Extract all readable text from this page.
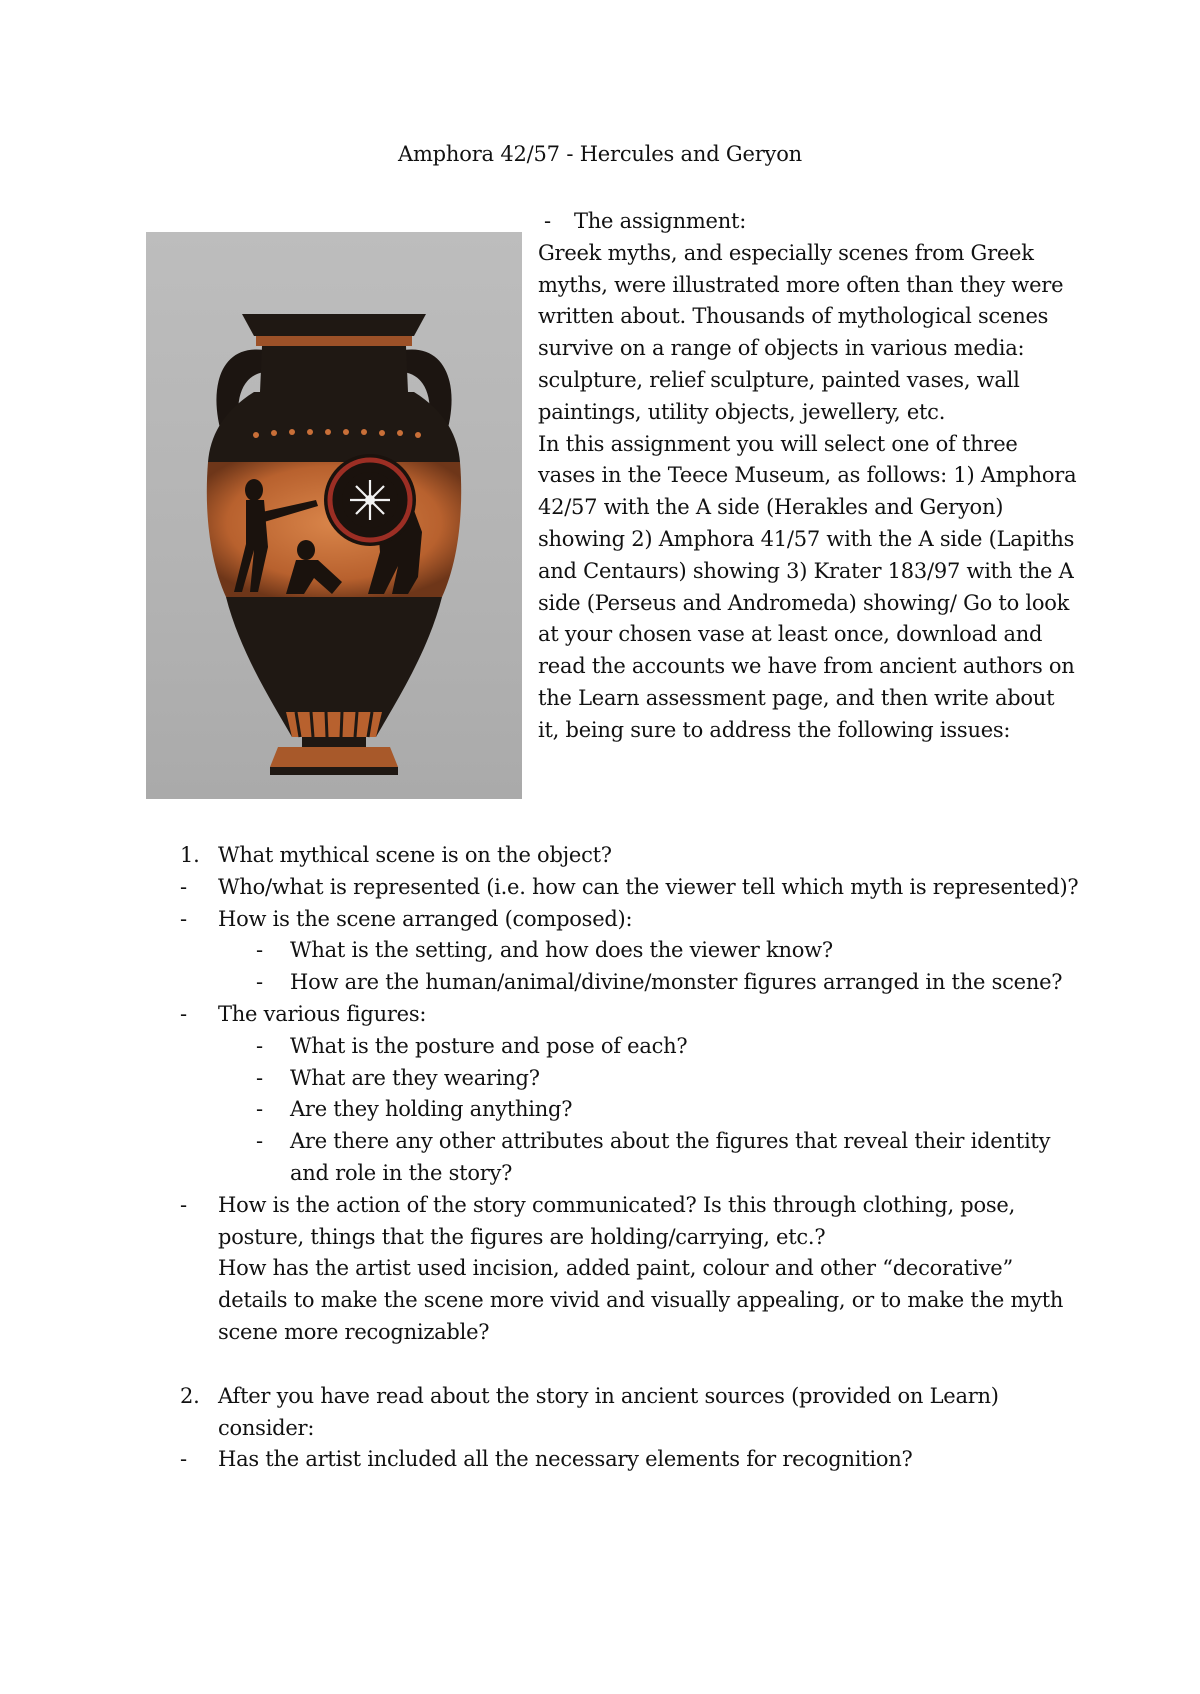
Amphora 42/57 - Hercules and Geryon
- The assignment:

Greek myths, and especially scenes from Greek myths, were illustrated more often than they were written about. Thousands of mythological scenes survive on a range of objects in various media: sculpture, relief sculpture, painted vases, wall paintings, utility objects, jewellery, etc.

In this assignment you will select one of three vases in the Teece Museum, as follows: 1) Amphora 42/57 with the A side (Herakles and Geryon) showing 2) Amphora 41/57 with the A side (Lapiths and Centaurs) showing 3) Krater 183/97 with the A side (Perseus and Andromeda) showing/ Go to look at your chosen vase at least once, download and read the accounts we have from ancient authors on the Learn assessment page, and then write about it, being sure to address the following issues:

1. What mythical scene is on the object?
- Who/what is represented (i.e. how can the viewer tell which myth is represented)?
- How is the scene arranged (composed):
- What is the setting, and how does the viewer know?
- How are the human/animal/divine/monster figures arranged in the scene?
- The various figures:
- What is the posture and pose of each?
- What are they wearing?
- Are they holding anything?
- Are there any other attributes about the figures that reveal their identity and role in the story?
- How is the action of the story communicated? Is this through clothing, pose, posture, things that the figures are holding/carrying, etc.?
How has the artist used incision, added paint, colour and other “decorative” details to make the scene more vivid and visually appealing, or to make the myth scene more recognizable?
2. After you have read about the story in ancient sources (provided on Learn) consider:
- Has the artist included all the necessary elements for recognition?
